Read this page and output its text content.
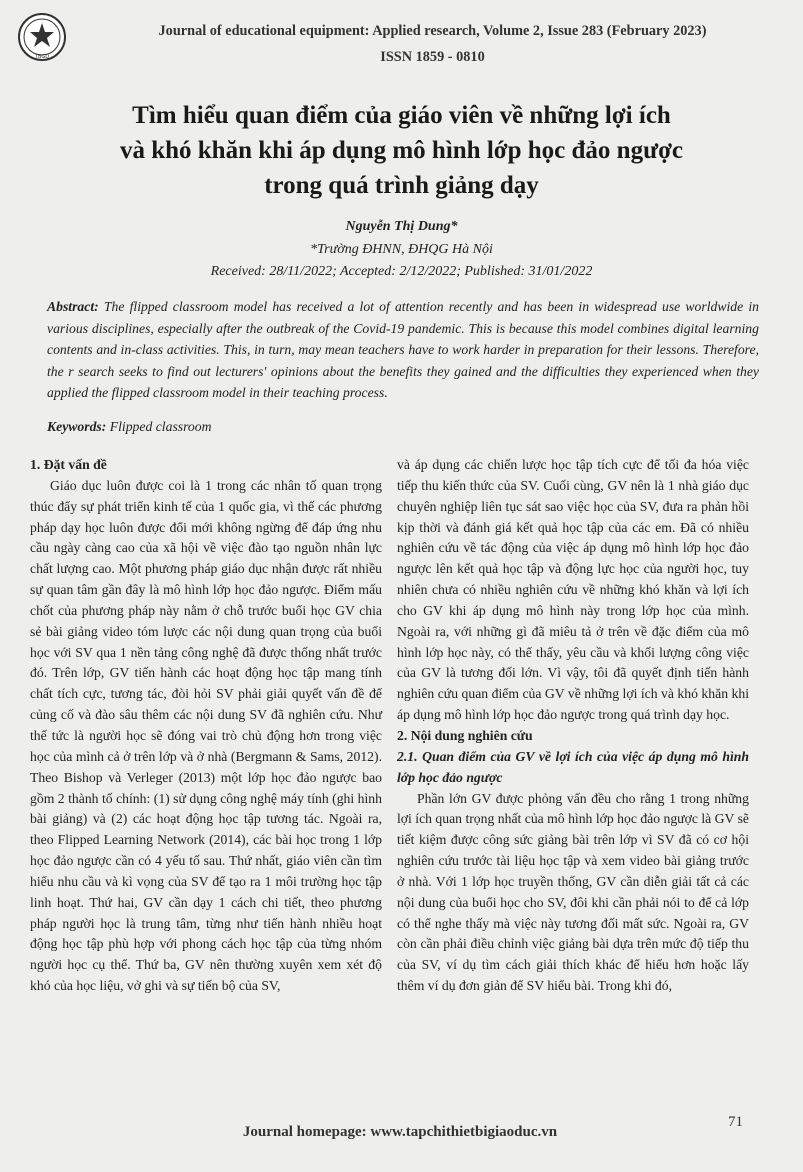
TBGD
Journal of educational equipment: Applied research, Volume 2, Issue 283 (February 2023)
ISSN 1859 - 0810
Tìm hiểu quan điểm của giáo viên về những lợi ích
và khó khăn khi áp dụng mô hình lớp học đảo ngược
trong quá trình giảng dạy
Nguyễn Thị Dung*
*Trường ĐHNN, ĐHQG Hà Nội
Received: 28/11/2022; Accepted: 2/12/2022; Published: 31/01/2022
Abstract: The flipped classroom model has received a lot of attention recently and has been in widespread use worldwide in various disciplines, especially after the outbreak of the Covid-19 pandemic. This is because this model combines digital learning contents and in-class activities. This, in turn, may mean teachers have to work harder in preparation for their lessons. Therefore, the r search seeks to find out lecturers' opinions about the benefits they gained and the difficulties they experienced when they applied the flipped classroom model in their teaching process.
Keywords: Flipped classroom
1. Đặt vấn đề

Giáo dục luôn được coi là 1 trong các nhân tố quan trọng thúc đẩy sự phát triển kinh tế của 1 quốc gia, vì thế các phương pháp dạy học luôn được đổi mới không ngừng để đáp ứng nhu cầu ngày càng cao của xã hội về việc đào tạo nguồn nhân lực chất lượng cao. Một phương pháp giáo dục nhận được rất nhiều sự quan tâm gần đây là mô hình lớp học đảo ngược. Điểm mấu chốt của phương pháp này nằm ở chỗ trước buổi học GV chia sẻ bài giảng video tóm lược các nội dung quan trọng của buổi học với SV qua 1 nền tảng công nghệ đã được thống nhất trước đó. Trên lớp, GV tiến hành các hoạt động học tập mang tính chất tích cực, tương tác, đòi hỏi SV phải giải quyết vấn đề để củng cố và đào sâu thêm các nội dung SV đã nghiên cứu. Như thế tức là người học sẽ đóng vai trò chủ động hơn trong việc học của mình cả ở trên lớp và ở nhà (Bergmann & Sams, 2012). Theo Bishop và Verleger (2013) một lớp học đảo ngược bao gồm 2 thành tố chính: (1) sử dụng công nghệ máy tính (ghi hình bài giảng) và (2) các hoạt động học tập tương tác. Ngoài ra, theo Flipped Learning Network (2014), các bài học trong 1 lớp học đảo ngược cần có 4 yếu tố sau. Thứ nhất, giáo viên cần tìm hiểu nhu cầu và kì vọng của SV để tạo ra 1 môi trường học tập linh hoạt. Thứ hai, GV cần dạy 1 cách chi tiết, theo phương pháp người học là trung tâm, từng như tiến hành nhiều hoạt động học tập phù hợp với phong cách học tập của từng nhóm người học cụ thể. Thứ ba, GV nên thường xuyên xem xét độ khó của học liệu, vở ghi và sự tiến bộ của SV,

và áp dụng các chiến lược học tập tích cực để tối đa hóa việc tiếp thu kiến thức của SV. Cuối cùng, GV nên là 1 nhà giáo dục chuyên nghiệp liên tục sát sao việc học của SV, đưa ra phản hồi kịp thời và đánh giá kết quả học tập của các em. Đã có nhiều nghiên cứu về tác động của việc áp dụng mô hình lớp học đảo ngược lên kết quả học tập và động lực học của người học, tuy nhiên chưa có nhiều nghiên cứu về những khó khăn và lợi ích cho GV khi áp dụng mô hình này trong lớp học của mình. Ngoài ra, với những gì đã miêu tả ở trên về đặc điểm của mô hình lớp học này, có thể thấy, yêu cầu và khối lượng công việc của GV là tương đối lớn. Vì vậy, tôi đã quyết định tiến hành nghiên cứu quan điểm của GV về những lợi ích và khó khăn khi áp dụng mô hình lớp học đảo ngược trong quá trình dạy học.

2. Nội dung nghiên cứu
2.1. Quan điểm của GV về lợi ích của việc áp dụng mô hình lớp học đảo ngược

Phần lớn GV được phỏng vấn đều cho rằng 1 trong những lợi ích quan trọng nhất của mô hình lớp học đảo ngược là GV sẽ tiết kiệm được công sức giảng bài trên lớp vì SV đã có cơ hội nghiên cứu trước tài liệu học tập và xem video bài giảng trước ở nhà. Với 1 lớp học truyền thống, GV cần diễn giải tất cả các nội dung của buổi học cho SV, đôi khi cần phải nói to để cả lớp có thể nghe thấy mà việc này tương đối mất sức. Ngoài ra, GV còn cần phải điều chỉnh việc giảng bài dựa trên mức độ tiếp thu của SV, ví dụ tìm cách giải thích khác để hiểu hơn hoặc lấy thêm ví dụ đơn giản để SV hiểu bài. Trong khi đó,

71
Journal homepage: www.tapchithietbigiaoduc.vn
